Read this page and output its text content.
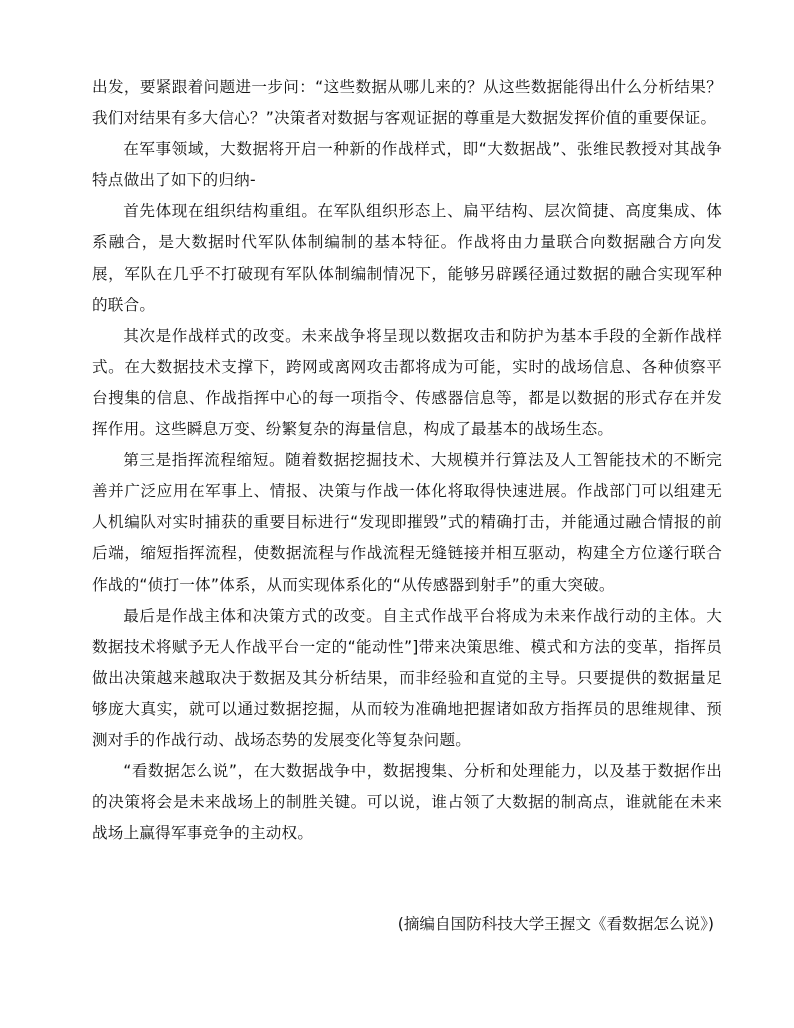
出发，要紧跟着问题进一步问：“这些数据从哪儿来的？从这些数据能得出什么分析结果？我们对结果有多大信心？”决策者对数据与客观证据的尊重是大数据发挥价值的重要保证。

在军事领域，大数据将开启一种新的作战样式，即“大数据战”、张维民教授对其战争特点做出了如下的归纳-

首先体现在组织结构重组。在军队组织形态上、扁平结构、层次简捷、高度集成、体系融合，是大数据时代军队体制编制的基本特征。作战将由力量联合向数据融合方向发展，军队在几乎不打破现有军队体制编制情况下，能够另辟蹊径通过数据的融合实现军种的联合。

其次是作战样式的改变。未来战争将呈现以数据攻击和防护为基本手段的全新作战样式。在大数据技术支撑下，跨网或离网攻击都将成为可能，实时的战场信息、各种侦察平台搜集的信息、作战指挥中心的每一项指令、传感器信息等，都是以数据的形式存在并发挥作用。这些瞬息万变、纷繁复杂的海量信息，构成了最基本的战场生态。

第三是指挥流程缩短。随着数据挖掘技术、大规模并行算法及人工智能技术的不断完善并广泛应用在军事上、情报、决策与作战一体化将取得快速进展。作战部门可以组建无人机编队对实时捕获的重要目标进行“发现即摧毁”式的精确打击，并能通过融合情报的前后端，缩短指挥流程，使数据流程与作战流程无缝链接并相互驱动，构建全方位遂行联合作战的“侦打一体”体系，从而实现体系化的“从传感器到射手”的重大突破。

最后是作战主体和决策方式的改变。自主式作战平台将成为未来作战行动的主体。大数据技术将赋予无人作战平台一定的“能动性”]带来决策思维、模式和方法的变革，指挥员做出决策越来越取决于数据及其分析结果，而非经验和直觉的主导。只要提供的数据量足够庞大真实，就可以通过数据挖掘，从而较为准确地把握诸如敌方指挥员的思维规律、预测对手的作战行动、战场态势的发展变化等复杂问题。

“看数据怎么说”，在大数据战争中，数据搜集、分析和处理能力，以及基于数据作出的决策将会是未来战场上的制胜关键。可以说，谁占领了大数据的制高点，谁就能在未来战场上赢得军事竞争的主动权。

(摘编自国防科技大学王握文《看数据怎么说》)
